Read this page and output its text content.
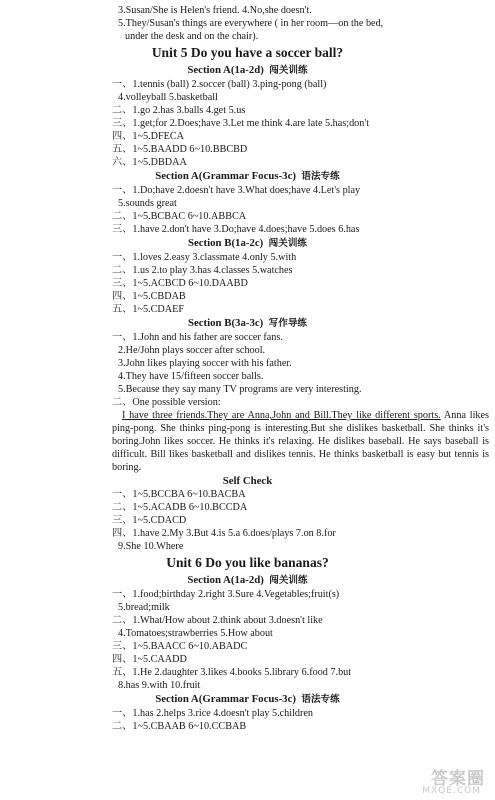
3.Susan/She is Helen's friend. 4.No,she doesn't.
5.They/Susan's things are everywhere ( in her room—on the bed,
under the desk and on the chair).
Unit 5 Do you have a soccer ball?
Section A(1a-2d) 闯关训练
一、1.tennis (ball) 2.soccer (ball) 3.ping-pong (ball)
4.volleyball 5.basketball
二、1.go 2.has 3.balls 4.get 5.us
三、1.get;for 2.Does;have 3.Let me think 4.are late 5.has;don't
四、1~5.DFECA
五、1~5.BAADD 6~10.BBCBD
六、1~5.DBDAA
Section A(Grammar Focus-3c) 语法专练
一、1.Do;have 2.doesn't have 3.What does;have 4.Let's play
5.sounds great
二、1~5.BCBAC 6~10.ABBCA
三、1.have 2.don't have 3.Do;have 4.does;have 5.does 6.has
Section B(1a-2c) 闯关训练
一、1.loves 2.easy 3.classmate 4.only 5.with
二、1.us 2.to play 3.has 4.classes 5.watches
三、1~5.ACBCD 6~10.DAABD
四、1~5.CBDAB
五、1~5.CDAEF
Section B(3a-3c) 写作导练
一、1.John and his father are soccer fans.
2.He/John plays soccer after school.
3.John likes playing soccer with his father.
4.They have 15/fifteen soccer balls.
5.Because they say many TV programs are very interesting.
二、One possible version:
I have three friends.They are Anna,John and Bill.They like different sports. Anna likes ping-pong. She thinks ping-pong is interesting.But she dislikes basketball. She thinks it's boring.John likes soccer. He thinks it's relaxing. He dislikes baseball. He says baseball is difficult. Bill likes basketball and dislikes tennis. He thinks basketball is easy but tennis is boring.
Self Check
一、1~5.BCCBA 6~10.BACBA
二、1~5.ACADB 6~10.BCCDA
三、1~5.CDACD
四、1.have 2.My 3.But 4.is 5.a 6.does/plays 7.on 8.for
9.She 10.Where
Unit 6 Do you like bananas?
Section A(1a-2d) 闯关训练
一、1.food;birthday 2.right 3.Sure 4.Vegetables;fruit(s)
5.bread;milk
二、1.What/How about 2.think about 3.doesn't like
4.Tomatoes;strawberries 5.How about
三、1~5.BAACC 6~10.ABADC
四、1~5.CAADD
五、1.He 2.daughter 3.likes 4.books 5.library 6.food 7.but
8.has 9.with 10.fruit
Section A(Grammar Focus-3c) 语法专练
一、1.has 2.helps 3.rice 4.doesn't play 5.children
二、1~5.CBAAB 6~10.CCBAB
答案圈
MXQE.COM
